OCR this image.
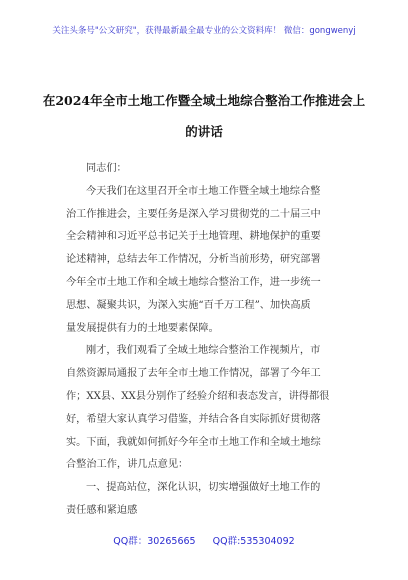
关注头条号"公文研究"，获得最新最全最专业的公文资料库！ 微信：gongwenyj
在2024年全市土地工作暨全域土地综合整治工作推进会上
的讲话

同志们：

今天我们在这里召开全市土地工作暨全域土地综合整

治工作推进会，主要任务是深入学习贯彻党的二十届三中

全会精神和习近平总书记关于土地管理、耕地保护的重要

论述精神，总结去年工作情况，分析当前形势，研究部署

今年全市土地工作和全域土地综合整治工作，进一步统一

思想、凝聚共识，为深入实施“百千万工程”、加快高质

量发展提供有力的土地要素保障。

刚才，我们观看了全域土地综合整治工作视频片，市

自然资源局通报了去年全市土地工作情况，部署了今年工

作；XX县、XX县分别作了经验介绍和表态发言，讲得都很

好，希望大家认真学习借鉴，并结合各自实际抓好贯彻落

实。下面，我就如何抓好今年全市土地工作和全域土地综

合整治工作，讲几点意见：

一、提高站位，深化认识，切实增强做好土地工作的

责任感和紧迫感

QQ群：30265665 QQ群:535304092
